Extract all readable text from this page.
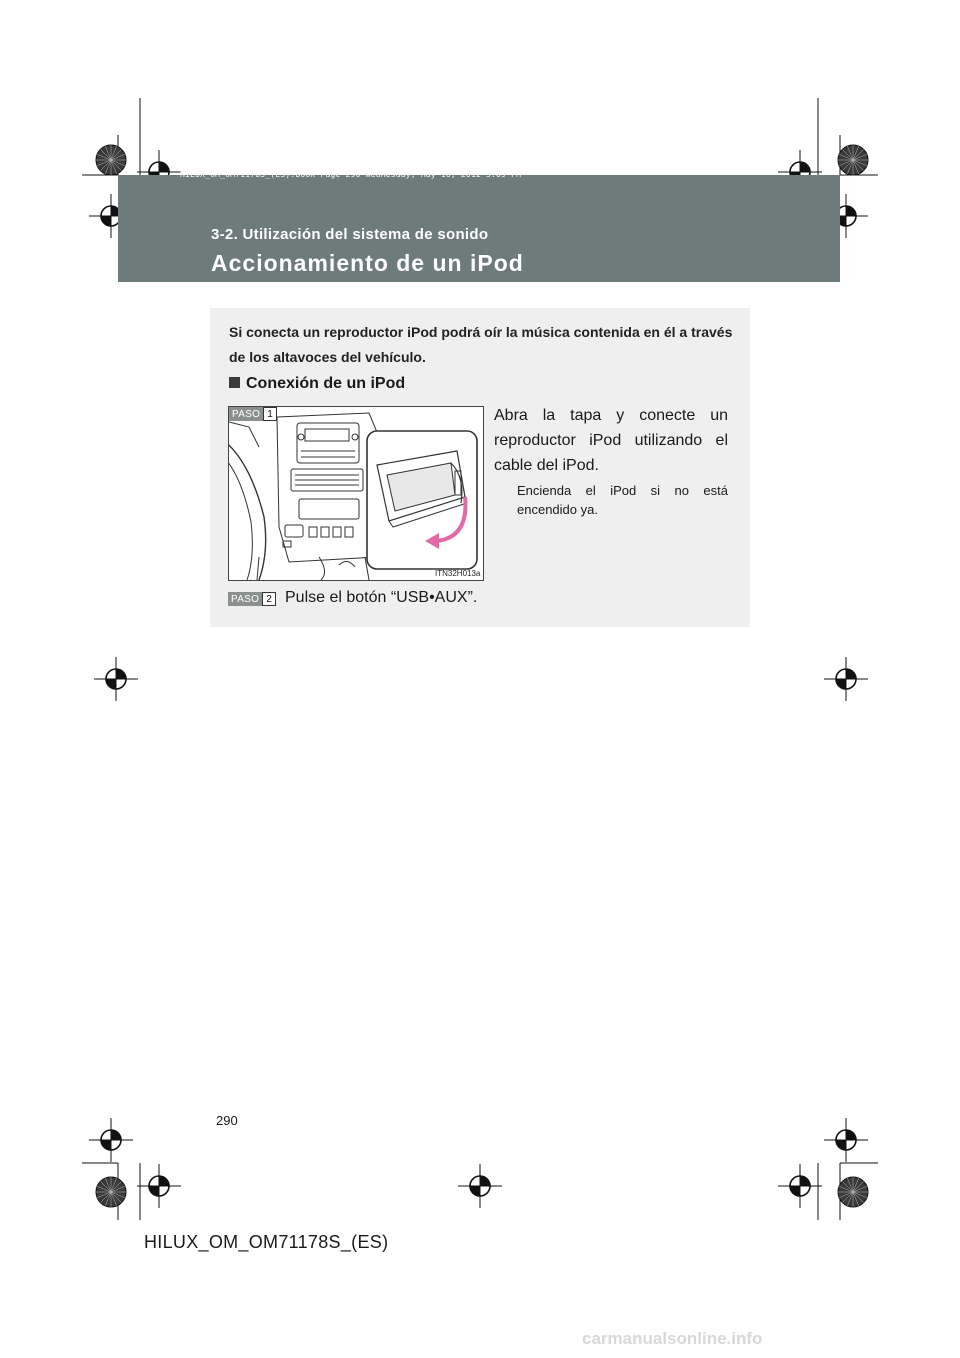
HILUX_OM_OM71178S_(ES).book Page 290 Wednesday, May 16, 2012 3:09 PM
3-2. Utilización del sistema de sonido
Accionamiento de un iPod
Si conecta un reproductor iPod podrá oír la música contenida en él a través de los altavoces del vehículo.
Conexión de un iPod
ITN32H013a
PASO 1	Abra la tapa y conecte un reproductor iPod utilizando el cable del iPod.
Encienda el iPod si no está encendido ya.
PASO 2 Pulse el botón “USB•AUX”.
290
HILUX_OM_OM71178S_(ES)
carmanualsonline.info
